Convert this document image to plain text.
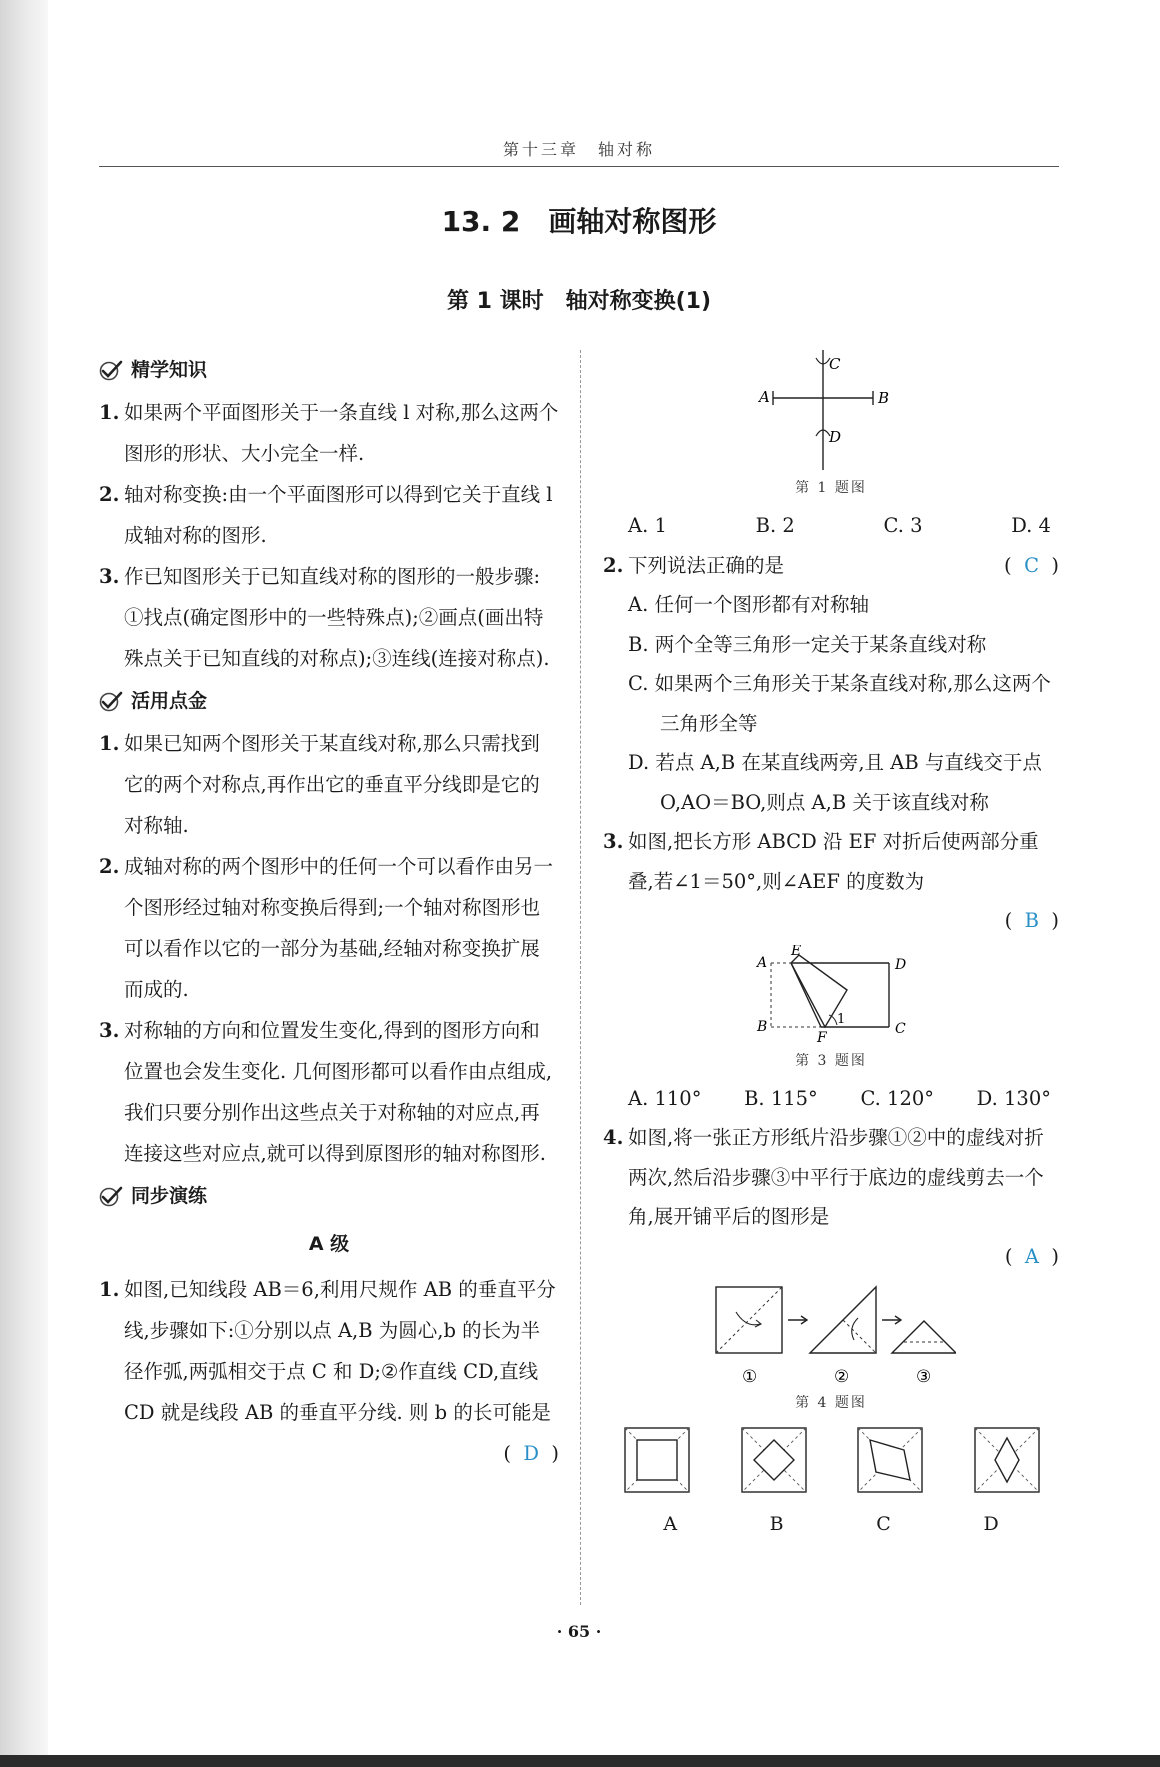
第十三章　轴对称
13. 2　画轴对称图形
第 1 课时　轴对称变换(1)
精学知识

1. 如果两个平面图形关于一条直线 l 对称,那么这两个图形的形状、大小完全一样.

2. 轴对称变换:由一个平面图形可以得到它关于直线 l 成轴对称的图形.

3. 作已知图形关于已知直线对称的图形的一般步骤:

①找点(确定图形中的一些特殊点);②画点(画出特殊点关于已知直线的对称点);③连线(连接对称点).

活用点金

1. 如果已知两个图形关于某直线对称,那么只需找到它的两个对称点,再作出它的垂直平分线即是它的对称轴.

2. 成轴对称的两个图形中的任何一个可以看作由另一个图形经过轴对称变换后得到;一个轴对称图形也可以看作以它的一部分为基础,经轴对称变换扩展而成的.

3. 对称轴的方向和位置发生变化,得到的图形方向和位置也会发生变化. 几何图形都可以看作由点组成,我们只要分别作出这些点关于对称轴的对应点,再连接这些对应点,就可以得到原图形的轴对称图形.

同步演练
A 级

1. 如图,已知线段 AB＝6,利用尺规作 AB 的垂直平分线,步骤如下:①分别以点 A,B 为圆心,b 的长为半径作弧,两弧相交于点 C 和 D;②作直线 CD,直线 CD 就是线段 AB 的垂直平分线. 则 b 的长可能是
( D )

C
A	B
D
第 1 题图
A. 1	B. 2	C. 3	D. 4

2. 下列说法正确的是	( C )

A. 任何一个图形都有对称轴

B. 两个全等三角形一定关于某条直线对称

C. 如果两个三角形关于某条直线对称,那么这两个三角形全等

D. 若点 A,B 在某直线两旁,且 AB 与直线交于点 O,AO＝BO,则点 A,B 关于该直线对称

3. 如图,把长方形 ABCD 沿 EF 对折后使两部分重叠,若∠1＝50°,则∠AEF 的度数为

( B )
A
E
D
B
F
C
1
第 3 题图
A. 110° B. 115° C. 120° D. 130°

4. 如图,将一张正方形纸片沿步骤①②中的虚线对折两次,然后沿步骤③中平行于底边的虚线剪去一个角,展开铺平后的图形是

( A )
①	②	③
第 4 题图
A	B	C	D
· 65 ·
